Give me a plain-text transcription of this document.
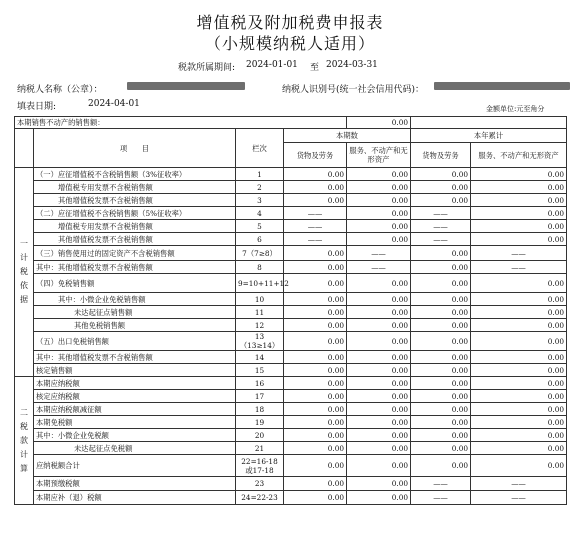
增值税及附加税费申报表
（小规模纳税人适用）
税款所属期间: 2024-01-01 至 2024-03-31
纳税人名称（公章）：	纳税人识别号(统一社会信用代码)：
填表日期:	2024-04-01	金额单位:元至角分
本期销售不动产的销售额：				0.00		
	项　　目	栏次	本期数		本年累计	
			货物及劳务	服务、不动产和无形资产	货物及劳务	服务、不动产和无形资产

一
计
税
依
据	（一）应征增值税不含税销售额（3%征收率）	1	0.00	0.00	0.00	0.00
	增值税专用发票不含税销售额	2	0.00	0.00	0.00	0.00
	其他增值税发票不含税销售额	3	0.00	0.00	0.00	0.00
	（二）应征增值税不含税销售额（5%征收率）	4	——	0.00	——	0.00
	增值税专用发票不含税销售额	5	——	0.00	——	0.00
	其他增值税发票不含税销售额	6	——	0.00	——	0.00
	（三）销售使用过的固定资产不含税销售额	7（7≥8）	0.00	——	0.00	——
	其中：其他增值税发票不含税销售额	8	0.00	——	0.00	——
	（四）免税销售额	9=10+11+12	0.00	0.00	0.00	0.00
	其中：小微企业免税销售额	10	0.00	0.00	0.00	0.00
	未达起征点销售额	11	0.00	0.00	0.00	0.00
	其他免税销售额	12	0.00	0.00	0.00	0.00
	（五）出口免税销售额	13（13≥14）	0.00	0.00	0.00	0.00
	其中：其他增值税发票不含税销售额	14	0.00	0.00	0.00	0.00
	核定销售额	15	0.00	0.00	0.00	0.00

二
税
款
计
算	本期应纳税额	16	0.00	0.00	0.00	0.00
	核定应纳税额	17	0.00	0.00	0.00	0.00
	本期应纳税额减征额	18	0.00	0.00	0.00	0.00
	本期免税额	19	0.00	0.00	0.00	0.00
	其中：小微企业免税额	20	0.00	0.00	0.00	0.00
	未达起征点免税额	21	0.00	0.00	0.00	0.00
	应纳税额合计	22=16-18或17-18	0.00	0.00	0.00	0.00
	本期预缴税额	23	0.00	0.00	——	——
	本期应补（退）税额	24=22-23	0.00	0.00	——	——
